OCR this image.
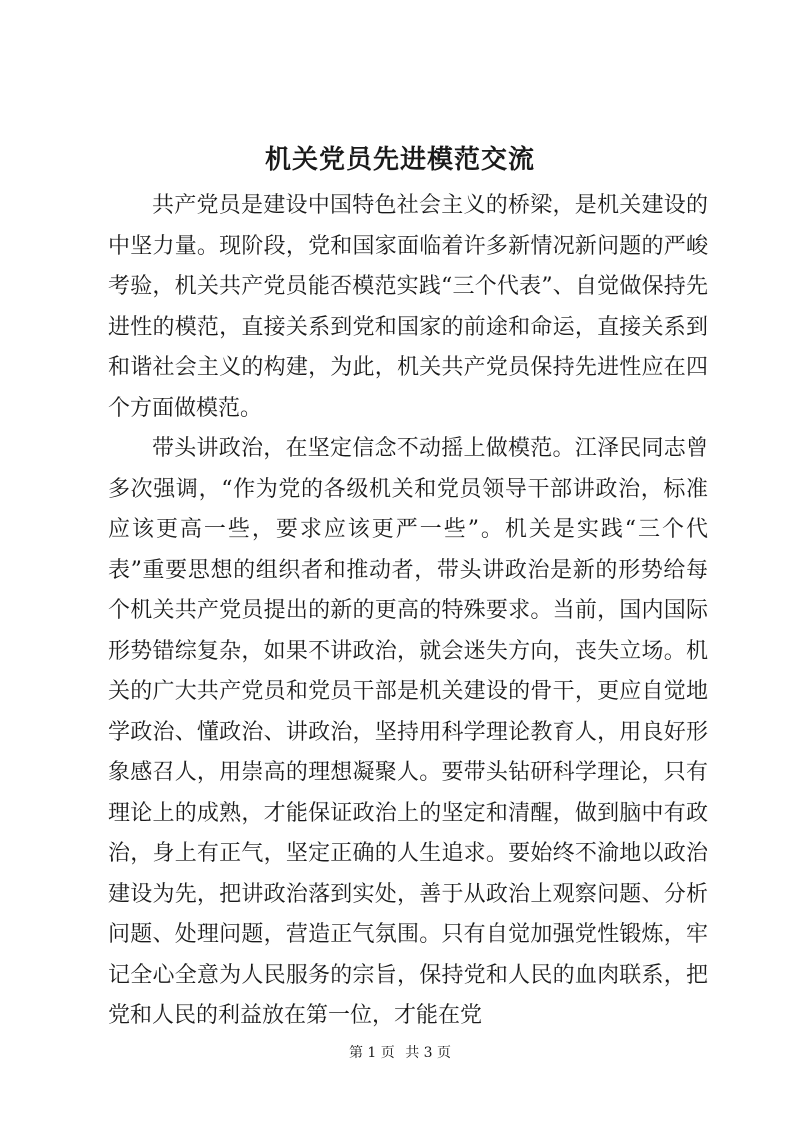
机关党员先进模范交流

共产党员是建设中国特色社会主义的桥梁，是机关建设的中坚力量。现阶段，党和国家面临着许多新情况新问题的严峻考验，机关共产党员能否模范实践“三个代表”、自觉做保持先进性的模范，直接关系到党和国家的前途和命运，直接关系到和谐社会主义的构建，为此，机关共产党员保持先进性应在四个方面做模范。

带头讲政治，在坚定信念不动摇上做模范。江泽民同志曾多次强调，“作为党的各级机关和党员领导干部讲政治，标准应该更高一些，要求应该更严一些”。机关是实践“三个代表”重要思想的组织者和推动者，带头讲政治是新的形势给每个机关共产党员提出的新的更高的特殊要求。当前，国内国际形势错综复杂，如果不讲政治，就会迷失方向，丧失立场。机关的广大共产党员和党员干部是机关建设的骨干，更应自觉地学政治、懂政治、讲政治，坚持用科学理论教育人，用良好形象感召人，用崇高的理想凝聚人。要带头钻研科学理论，只有理论上的成熟，才能保证政治上的坚定和清醒，做到脑中有政治，身上有正气，坚定正确的人生追求。要始终不渝地以政治建设为先，把讲政治落到实处，善于从政治上观察问题、分析问题、处理问题，营造正气氛围。只有自觉加强党性锻炼，牢记全心全意为人民服务的宗旨，保持党和人民的血肉联系，把党和人民的利益放在第一位，才能在党

第 1 页 共 3 页
